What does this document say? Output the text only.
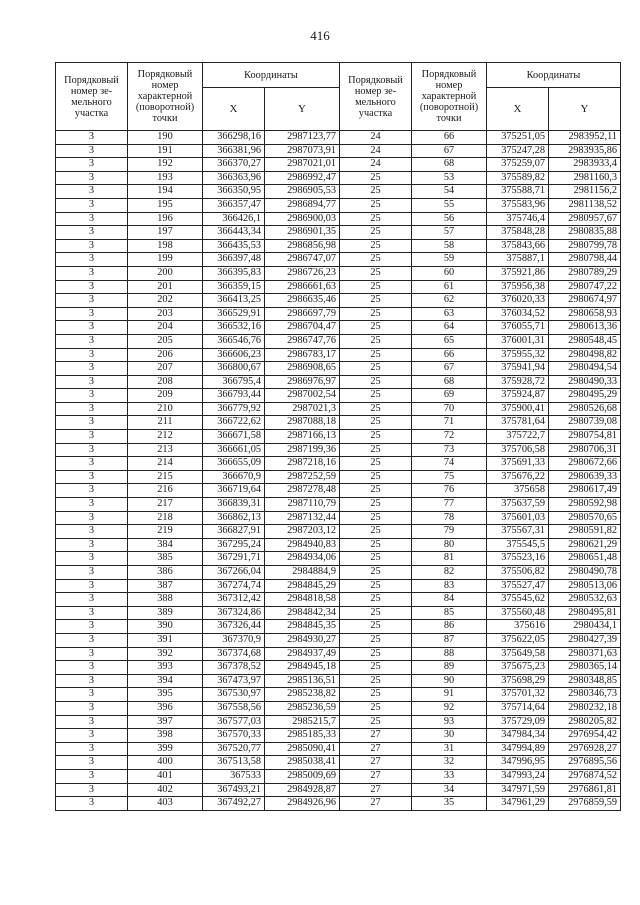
416
Порядковый номер зе-мельного участка	Порядковый номер характерной (поворотной) точки	Координаты		Порядковый номер зе-мельного участка	Порядковый номер характерной (поворотной) точки	Координаты	
		X	Y			X	Y
3	190	366298,16	2987123,77	24	66	375251,05	2983952,11
3	191	366381,96	2987073,91	24	67	375247,28	2983935,86
3	192	366370,27	2987021,01	24	68	375259,07	2983933,4
3	193	366363,96	2986992,47	25	53	375589,82	2981160,3
3	194	366350,95	2986905,53	25	54	375588,71	2981156,2
3	195	366357,47	2986894,77	25	55	375583,96	2981138,52
3	196	366426,1	2986900,03	25	56	375746,4	2980957,67
3	197	366443,34	2986901,35	25	57	375848,28	2980835,88
3	198	366435,53	2986856,98	25	58	375843,66	2980799,78
3	199	366397,48	2986747,07	25	59	375887,1	2980798,44
3	200	366395,83	2986726,23	25	60	375921,86	2980789,29
3	201	366359,15	2986661,63	25	61	375956,38	2980747,22
3	202	366413,25	2986635,46	25	62	376020,33	2980674,97
3	203	366529,91	2986697,79	25	63	376034,52	2980658,93
3	204	366532,16	2986704,47	25	64	376055,71	2980613,36
3	205	366546,76	2986747,76	25	65	376001,31	2980548,45
3	206	366606,23	2986783,17	25	66	375955,32	2980498,82
3	207	366800,67	2986908,65	25	67	375941,94	2980494,54
3	208	366795,4	2986976,97	25	68	375928,72	2980490,33
3	209	366793,44	2987002,54	25	69	375924,87	2980495,29
3	210	366779,92	2987021,3	25	70	375900,41	2980526,68
3	211	366722,62	2987088,18	25	71	375781,64	2980739,08
3	212	366671,58	2987166,13	25	72	375722,7	2980754,81
3	213	366661,05	2987199,36	25	73	375706,58	2980706,31
3	214	366655,09	2987218,16	25	74	375691,33	2980672,66
3	215	366670,9	2987252,59	25	75	375676,22	2980639,33
3	216	366719,64	2987278,48	25	76	375658	2980617,49
3	217	366839,31	2987110,79	25	77	375637,59	2980592,98
3	218	366862,13	2987132,44	25	78	375601,03	2980570,65
3	219	366827,91	2987203,12	25	79	375567,31	2980591,82
3	384	367295,24	2984940,83	25	80	375545,5	2980621,29
3	385	367291,71	2984934,06	25	81	375523,16	2980651,48
3	386	367266,04	2984884,9	25	82	375506,82	2980490,78
3	387	367274,74	2984845,29	25	83	375527,47	2980513,06
3	388	367312,42	2984818,58	25	84	375545,62	2980532,63
3	389	367324,86	2984842,34	25	85	375560,48	2980495,81
3	390	367326,44	2984845,35	25	86	375616	2980434,1
3	391	367370,9	2984930,27	25	87	375622,05	2980427,39
3	392	367374,68	2984937,49	25	88	375649,58	2980371,63
3	393	367378,52	2984945,18	25	89	375675,23	2980365,14
3	394	367473,97	2985136,51	25	90	375698,29	2980348,85
3	395	367530,97	2985238,82	25	91	375701,32	2980346,73
3	396	367558,56	2985236,59	25	92	375714,64	2980232,18
3	397	367577,03	2985215,7	25	93	375729,09	2980205,82
3	398	367570,33	2985185,33	27	30	347984,34	2976954,42
3	399	367520,77	2985090,41	27	31	347994,89	2976928,27
3	400	367513,58	2985038,41	27	32	347996,95	2976895,56
3	401	367533	2985009,69	27	33	347993,24	2976874,52
3	402	367493,21	2984928,87	27	34	347971,59	2976861,81
3	403	367492,27	2984926,96	27	35	347961,29	2976859,59
